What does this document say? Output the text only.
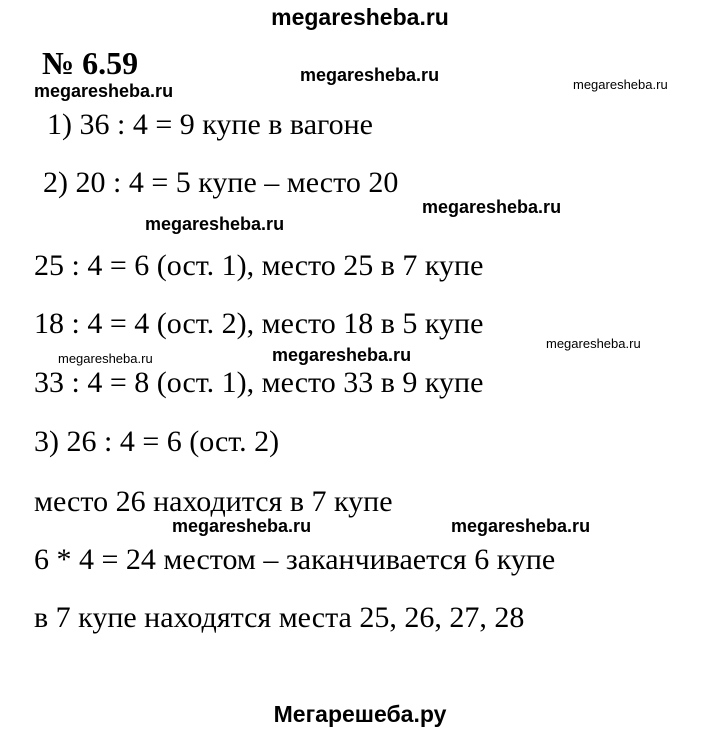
megaresheba.ru
№ 6.59	megaresheba.ru	megaresheba.ru
megaresheba.ru
megaresheba.ru
megaresheba.ru
megaresheba.ru
megaresheba.ru
megaresheba.ru
megaresheba.ru	megaresheba.ru
1) 36 : 4 = 9 купе в вагоне
2) 20 : 4 = 5 купе – место 20
25 : 4 = 6 (ост. 1), место 25 в 7 купе
18 : 4 = 4 (ост. 2), место 18 в 5 купе
33 : 4 = 8 (ост. 1), место 33 в 9 купе
3) 26 : 4 = 6 (ост. 2)
место 26 находится в 7 купе
6 * 4 = 24 местом – заканчивается 6 купе
в 7 купе находятся места 25, 26, 27, 28
Мегарешеба.ру
